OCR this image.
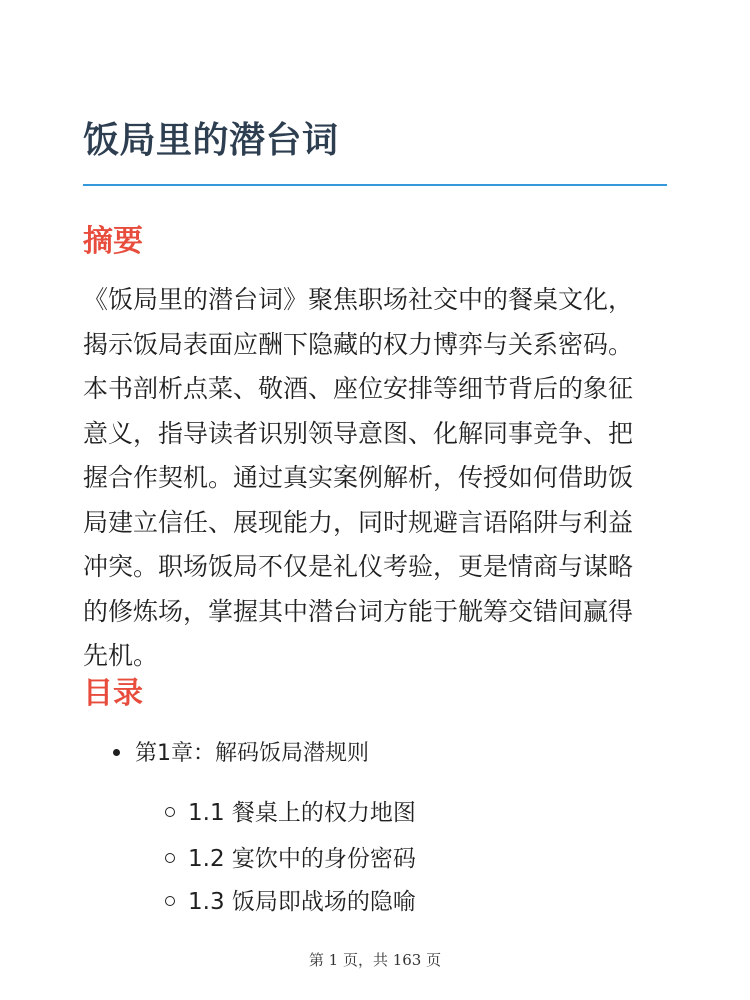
饭局里的潜台词
摘要

《饭局里的潜台词》聚焦职场社交中的餐桌文化，
揭示饭局表面应酬下隐藏的权力博弈与关系密码。
本书剖析点菜、敬酒、座位安排等细节背后的象征
意义，指导读者识别领导意图、化解同事竞争、把
握合作契机。通过真实案例解析，传授如何借助饭
局建立信任、展现能力，同时规避言语陷阱与利益
冲突。职场饭局不仅是礼仪考验，更是情商与谋略
的修炼场，掌握其中潜台词方能于觥筹交错间赢得
先机。

目录
第1章：解码饭局潜规则
1.1 餐桌上的权力地图
1.2 宴饮中的身份密码
1.3 饭局即战场的隐喻
第 1 页，共 163 页
